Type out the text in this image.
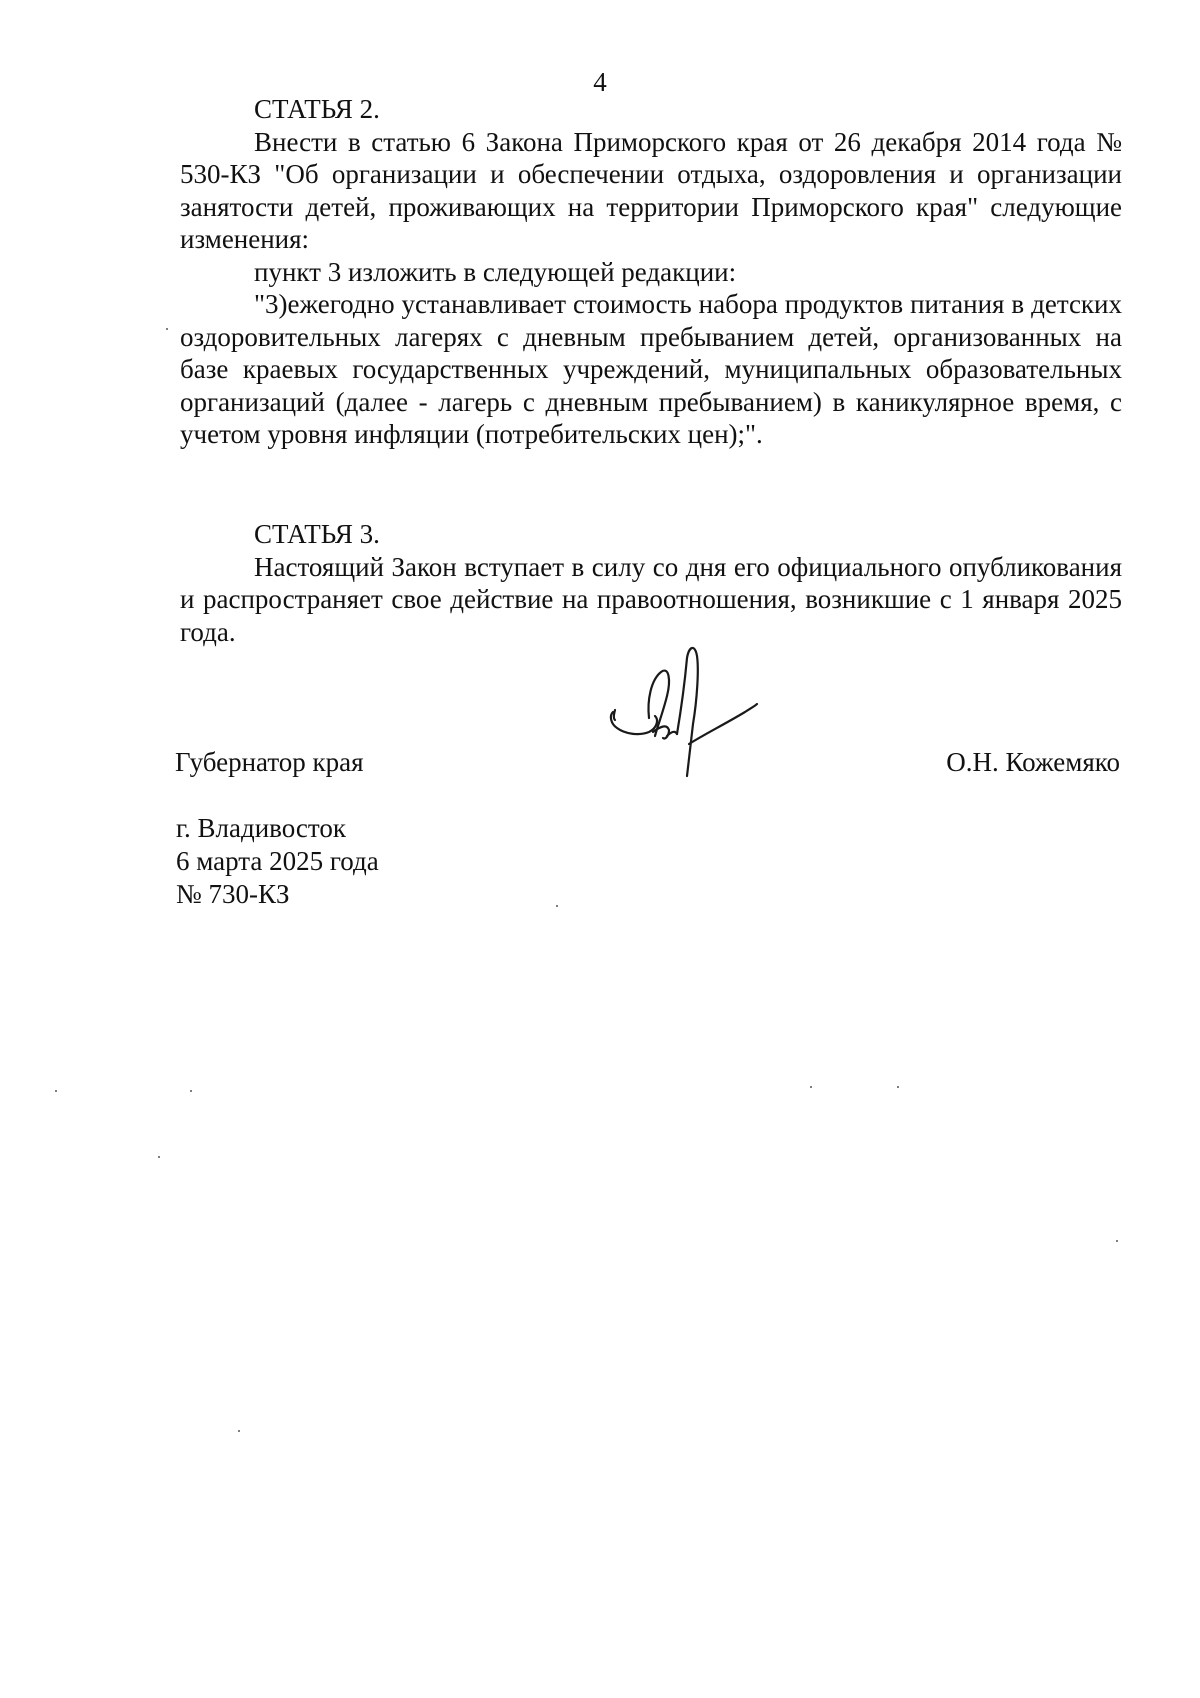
4
СТАТЬЯ 2.

Внести в статью 6 Закона Приморского края от 26 декабря 2014 года № 530-КЗ "Об организации и обеспечении отдыха, оздоровления и организации занятости детей, проживающих на территории Приморского края" следующие изменения:

пункт 3 изложить в следующей редакции:

"3)ежегодно устанавливает стоимость набора продуктов питания в детских оздоровительных лагерях с дневным пребыванием детей, организованных на базе краевых государственных учреждений, муниципальных образовательных организаций (далее - лагерь с дневным пребыванием) в каникулярное время, с учетом уровня инфляции (потребительских цен);".

СТАТЬЯ 3.

Настоящий Закон вступает в силу со дня его официального опубликования и распространяет свое действие на правоотношения, возникшие с 1 января 2025 года.

Губернатор края	О.Н. Кожемяко
г. Владивосток
6 марта 2025 года
№ 730-КЗ
